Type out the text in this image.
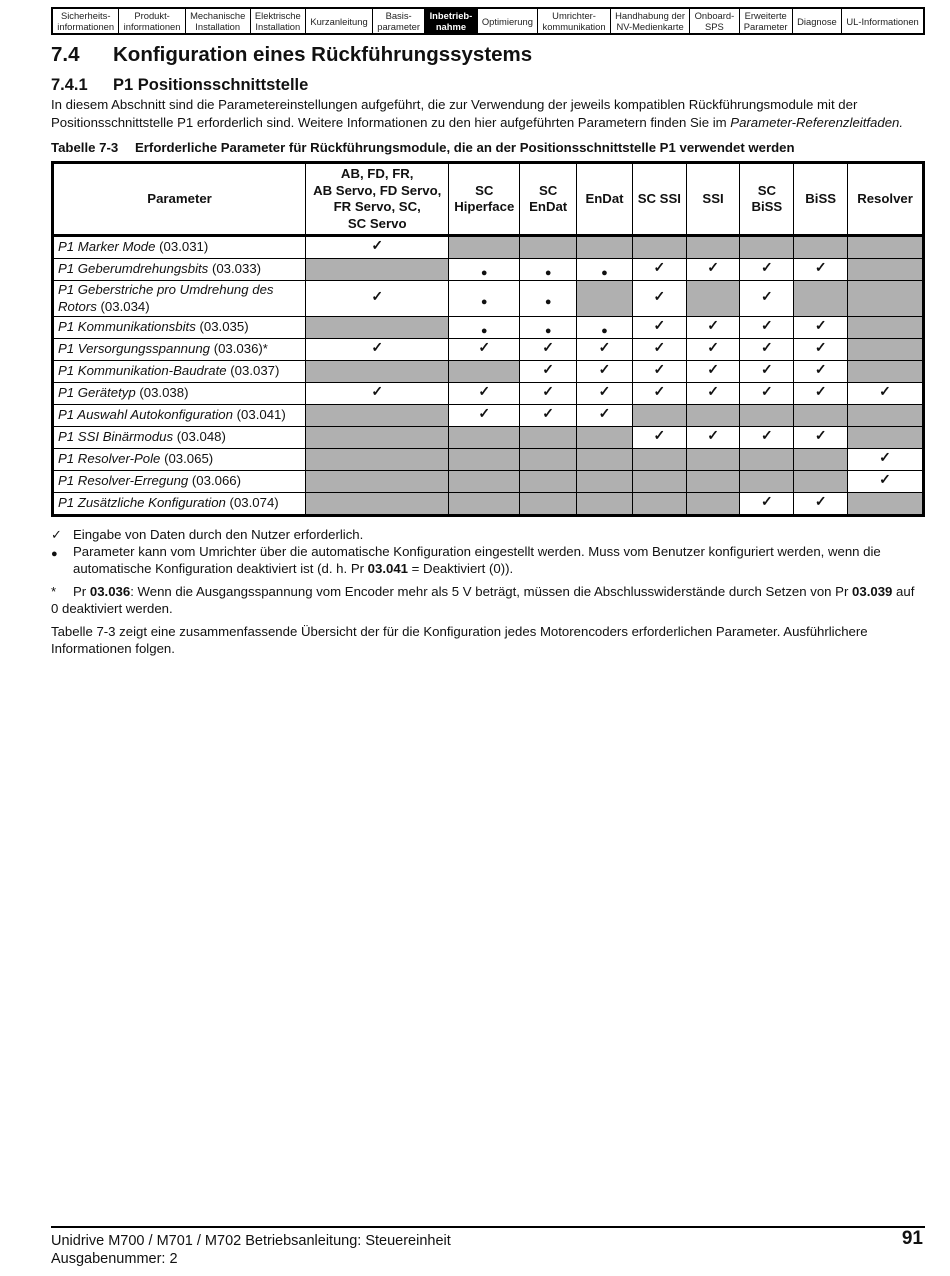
Sicherheits-
informationen
Produkt-
informationen
Mechanische
Installation
Elektrische
Installation	Kurzanleitung	Basis-
parameter
Inbetrieb-
nahme	Optimierung	Umrichter-
kommunikation
Handhabung der
NV-Medienkarte
Onboard-
SPS
Erweiterte
Parameter	Diagnose	UL-Informationen
7.4 Konfiguration eines Rückführungssystems
7.4.1 P1 Positionsschnittstelle

In diesem Abschnitt sind die Parametereinstellungen aufgeführt, die zur Verwendung der jeweils kompatiblen Rückführungsmodule mit der Positionsschnittstelle P1 erforderlich sind. Weitere Informationen zu den hier aufgeführten Parametern finden Sie im Parameter-Referenzleitfaden.

Tabelle 7-3 Erforderliche Parameter für Rückführungsmodule, die an der Positionsschnittstelle P1 verwendet werden

Parameter	AB, FD, FR,
AB Servo, FD Servo,
FR Servo, SC,
SC Servo	SC
Hiperface	SC
EnDat	EnDat	SC SSI	SSI	SC
BiSS	BiSS	Resolver
P1 Marker Mode (03.031)	✓								
P1 Geberumdrehungsbits (03.033)		●	●	●	✓	✓	✓	✓	
P1 Geberstriche pro Umdrehung des Rotors (03.034)	✓	●	●		✓		✓		
P1 Kommunikationsbits (03.035)		●	●	●	✓	✓	✓	✓	
P1 Versorgungsspannung (03.036)*	✓	✓	✓	✓	✓	✓	✓	✓	
P1 Kommunikation-Baudrate (03.037)			✓	✓	✓	✓	✓	✓	
P1 Gerätetyp (03.038)	✓	✓	✓	✓	✓	✓	✓	✓	✓
P1 Auswahl Autokonfiguration (03.041)		✓	✓	✓					
P1 SSI Binärmodus (03.048)					✓	✓	✓	✓	
P1 Resolver-Pole (03.065)									✓
P1 Resolver-Erregung (03.066)									✓
P1 Zusätzliche Konfiguration (03.074)							✓	✓	
✓ Eingabe von Daten durch den Nutzer erforderlich.
●	Parameter kann vom Umrichter über die automatische Konfiguration eingestellt werden. Muss vom Benutzer konfiguriert werden, wenn die automatische Konfiguration deaktiviert ist (d. h. Pr 03.041 = Deaktiviert (0)).
* Pr 03.036: Wenn die Ausgangsspannung vom Encoder mehr als 5 V beträgt, müssen die Abschlusswiderstände durch Setzen von Pr 03.039 auf 0 deaktiviert werden.
Tabelle 7-3 zeigt eine zusammenfassende Übersicht der für die Konfiguration jedes Motorencoders erforderlichen Parameter. Ausführlichere Informationen folgen.
Unidrive M700 / M701 / M702 Betriebsanleitung: Steuereinheit
Ausgabenummer: 2
91
